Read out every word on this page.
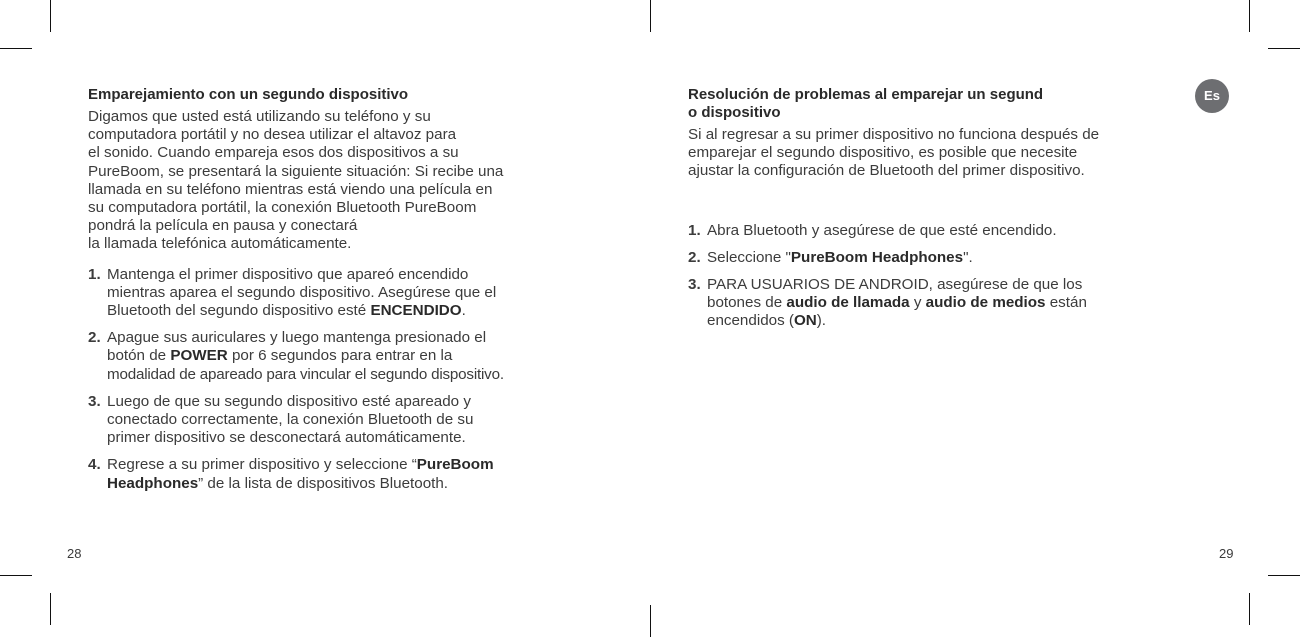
Emparejamiento con un segundo dispositivo

Digamos que usted está utilizando su teléfono y su
computadora portátil y no desea utilizar el altavoz para
el sonido. Cuando empareja esos dos dispositivos a su
PureBoom, se presentará la siguiente situación: Si recibe una
llamada en su teléfono mientras está viendo una película en
su computadora portátil, la conexión Bluetooth PureBoom
pondrá la película en pausa y conectará
la llamada telefónica automáticamente.

1. Mantenga el primer dispositivo que apareó encendido
mientras aparea el segundo dispositivo. Asegúrese que el
Bluetooth del segundo dispositivo esté ENCENDIDO.
2. Apague sus auriculares y luego mantenga presionado el
botón de POWER por 6 segundos para entrar en la
modalidad de apareado para vincular el segundo dispositivo.
3. Luego de que su segundo dispositivo esté apareado y
conectado correctamente, la conexión Bluetooth de su
primer dispositivo se desconectará automáticamente.
4. Regrese a su primer dispositivo y seleccione “PureBoom
Headphones” de la lista de dispositivos Bluetooth.
Resolución de problemas al emparejar un segund
o dispositivo

Si al regresar a su primer dispositivo no funciona después de
emparejar el segundo dispositivo, es posible que necesite
ajustar la configuración de Bluetooth del primer dispositivo.

1. Abra Bluetooth y asegúrese de que esté encendido.
2. Seleccione "PureBoom Headphones".
3. PARA USUARIOS DE ANDROID, asegúrese de que los
botones de audio de llamada y audio de medios están
encendidos (ON).
Es
28	29
